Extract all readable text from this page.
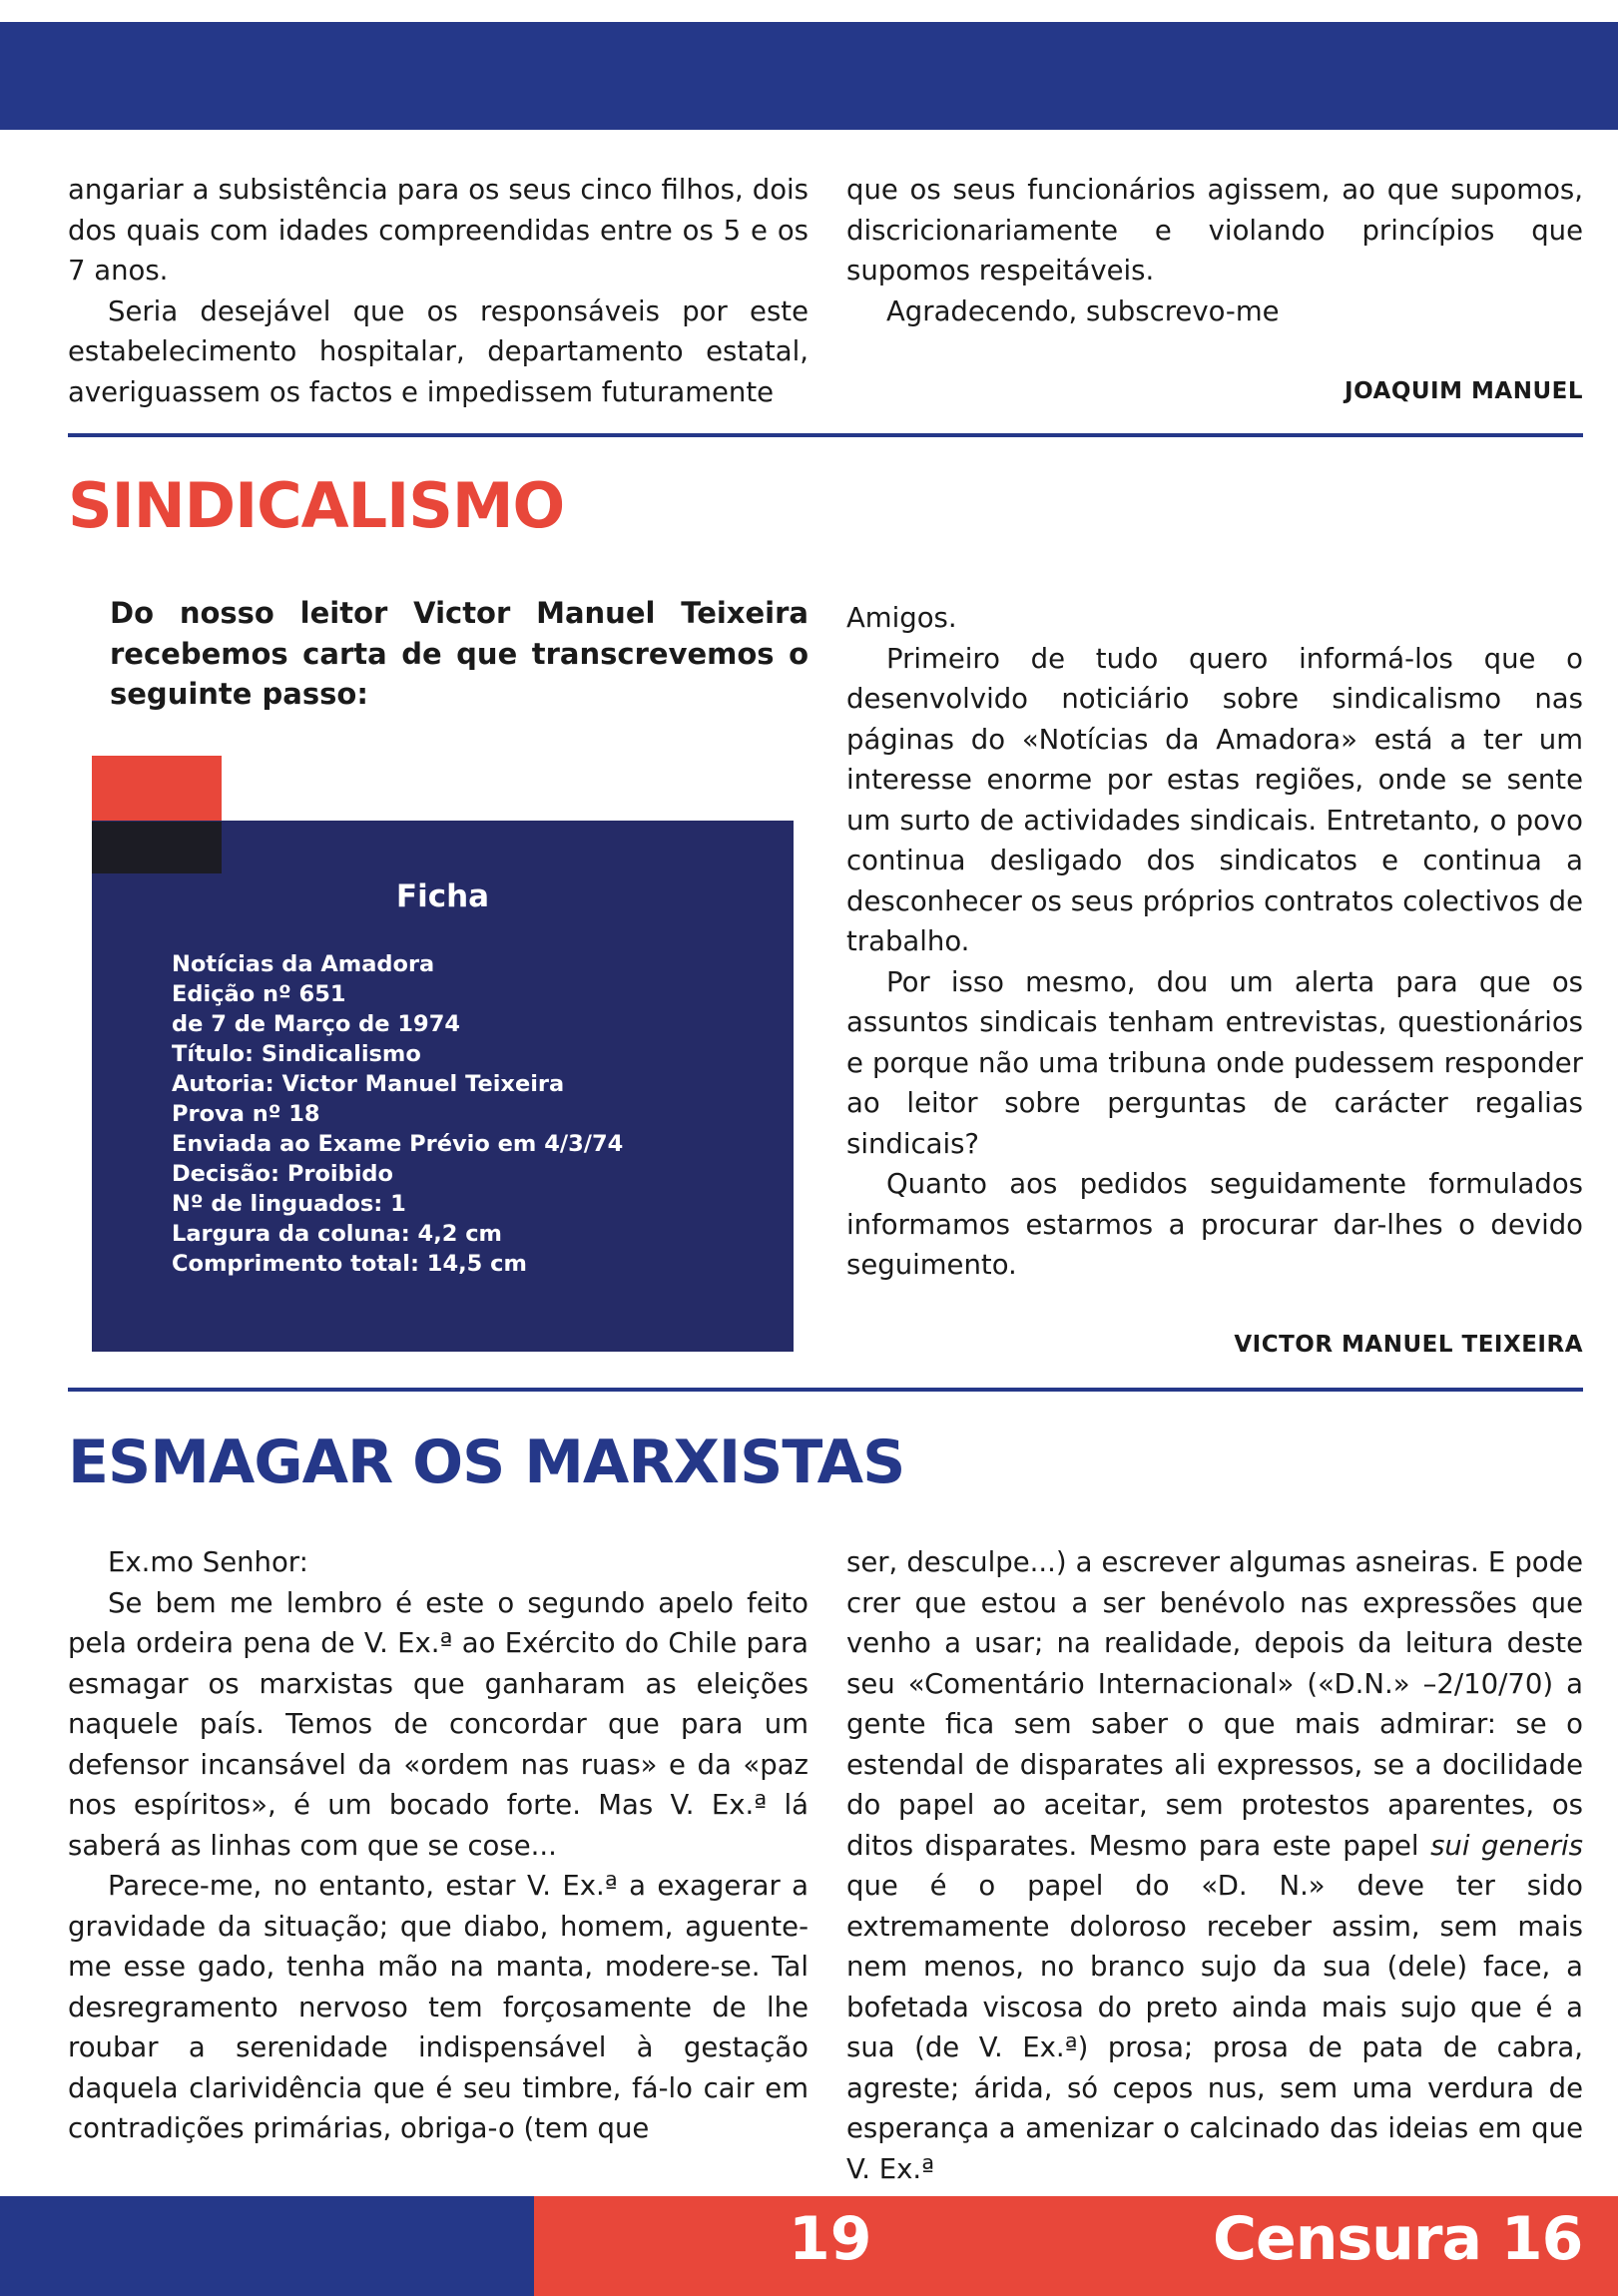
angariar a subsistência para os seus cinco filhos, dois dos quais com idades compreendidas entre os 5 e os 7 anos.

Seria desejável que os responsáveis por este estabelecimento hospitalar, departamento estatal, averiguassem os factos e impedissem futuramente

que os seus funcionários agissem, ao que supomos, discricionariamente e violando princípios que supomos respeitáveis.

Agradecendo, subscrevo-me

JOAQUIM MANUEL
SINDICALISMO
Do nosso leitor Victor Manuel Teixeira recebemos carta de que transcrevemos o seguinte passo:
Ficha
Notícias da Amadora
Edição nº 651
de 7 de Março de 1974
Título: Sindicalismo
Autoria: Victor Manuel Teixeira
Prova nº 18
Enviada ao Exame Prévio em 4/3/74
Decisão: Proibido
Nº de linguados: 1
Largura da coluna: 4,2 cm
Comprimento total: 14,5 cm

Amigos.

Primeiro de tudo quero informá-los que o desenvolvido noticiário sobre sindicalismo nas páginas do «Notícias da Amadora» está a ter um interesse enorme por estas regiões, onde se sente um surto de actividades sindicais. Entretanto, o povo continua desligado dos sindicatos e continua a desconhecer os seus próprios contratos colectivos de trabalho.

Por isso mesmo, dou um alerta para que os assuntos sindicais tenham entrevistas, questionários e porque não uma tribuna onde pudessem responder ao leitor sobre perguntas de carácter regalias sindicais?

Quanto aos pedidos seguidamente formulados informamos estarmos a procurar dar-lhes o devido seguimento.

VICTOR MANUEL TEIXEIRA
ESMAGAR OS MARXISTAS

Ex.mo Senhor:

Se bem me lembro é este o segundo apelo feito pela ordeira pena de V. Ex.ª ao Exército do Chile para esmagar os marxistas que ganharam as eleições naquele país. Temos de concordar que para um defensor incansável da «ordem nas ruas» e da «paz nos espíritos», é um bocado forte. Mas V. Ex.ª lá saberá as linhas com que se cose...

Parece-me, no entanto, estar V. Ex.ª a exagerar a gravidade da situação; que diabo, homem, aguente-me esse gado, tenha mão na manta, modere-se. Tal desregramento nervoso tem forçosamente de lhe roubar a serenidade indispensável à gestação daquela clarividência que é seu timbre, fá-lo cair em contradições primárias, obriga-o (tem que

ser, desculpe...) a escrever algumas asneiras. E pode crer que estou a ser benévolo nas expressões que venho a usar; na realidade, depois da leitura deste seu «Comentário Internacional» («D.N.» –2/10/70) a gente fica sem saber o que mais admirar: se o estendal de disparates ali expressos, se a docilidade do papel ao aceitar, sem protestos aparentes, os ditos disparates. Mesmo para este papel sui generis que é o papel do «D. N.» deve ter sido extremamente doloroso receber assim, sem mais nem menos, no branco sujo da sua (dele) face, a bofetada viscosa do preto ainda mais sujo que é a sua (de V. Ex.ª) prosa; prosa de pata de cabra, agreste; árida, só cepos nus, sem uma verdura de esperança a amenizar o calcinado das ideias em que V. Ex.ª

19	Censura 16
